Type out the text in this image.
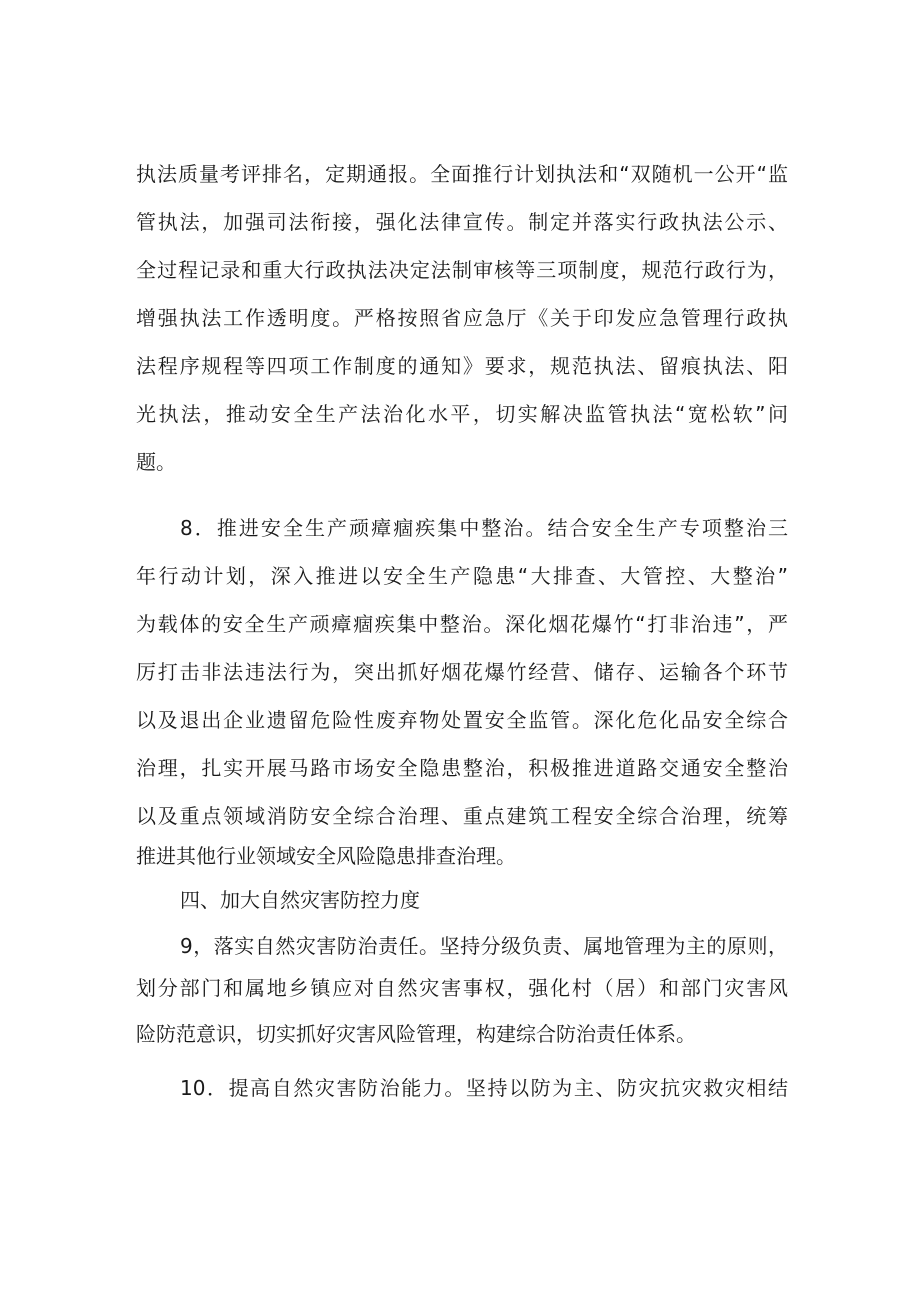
执法质量考评排名，定期通报。全面推行计划执法和“双随机一公开“监
管执法，加强司法衔接，强化法律宣传。制定并落实行政执法公示、
全过程记录和重大行政执法决定法制审核等三项制度，规范行政行为，
增强执法工作透明度。严格按照省应急厅《关于印发应急管理行政执
法程序规程等四项工作制度的通知》要求，规范执法、留痕执法、阳
光执法，推动安全生产法治化水平，切实解决监管执法“宽松软”问
题。
8．推进安全生产顽瘴痼疾集中整治。结合安全生产专项整治三
年行动计划，深入推进以安全生产隐患“大排查、大管控、大整治”
为载体的安全生产顽瘴痼疾集中整治。深化烟花爆竹“打非治违”，严
厉打击非法违法行为，突出抓好烟花爆竹经营、储存、运输各个环节
以及退出企业遗留危险性废弃物处置安全监管。深化危化品安全综合
治理，扎实开展马路市场安全隐患整治，积极推进道路交通安全整治
以及重点领域消防安全综合治理、重点建筑工程安全综合治理，统筹
推进其他行业领域安全风险隐患排查治理。
四、加大自然灾害防控力度
9，落实自然灾害防治责任。坚持分级负责、属地管理为主的原则，
划分部门和属地乡镇应对自然灾害事权，强化村（居）和部门灾害风
险防范意识，切实抓好灾害风险管理，构建综合防治责任体系。
10．提高自然灾害防治能力。坚持以防为主、防灾抗灾救灾相结
